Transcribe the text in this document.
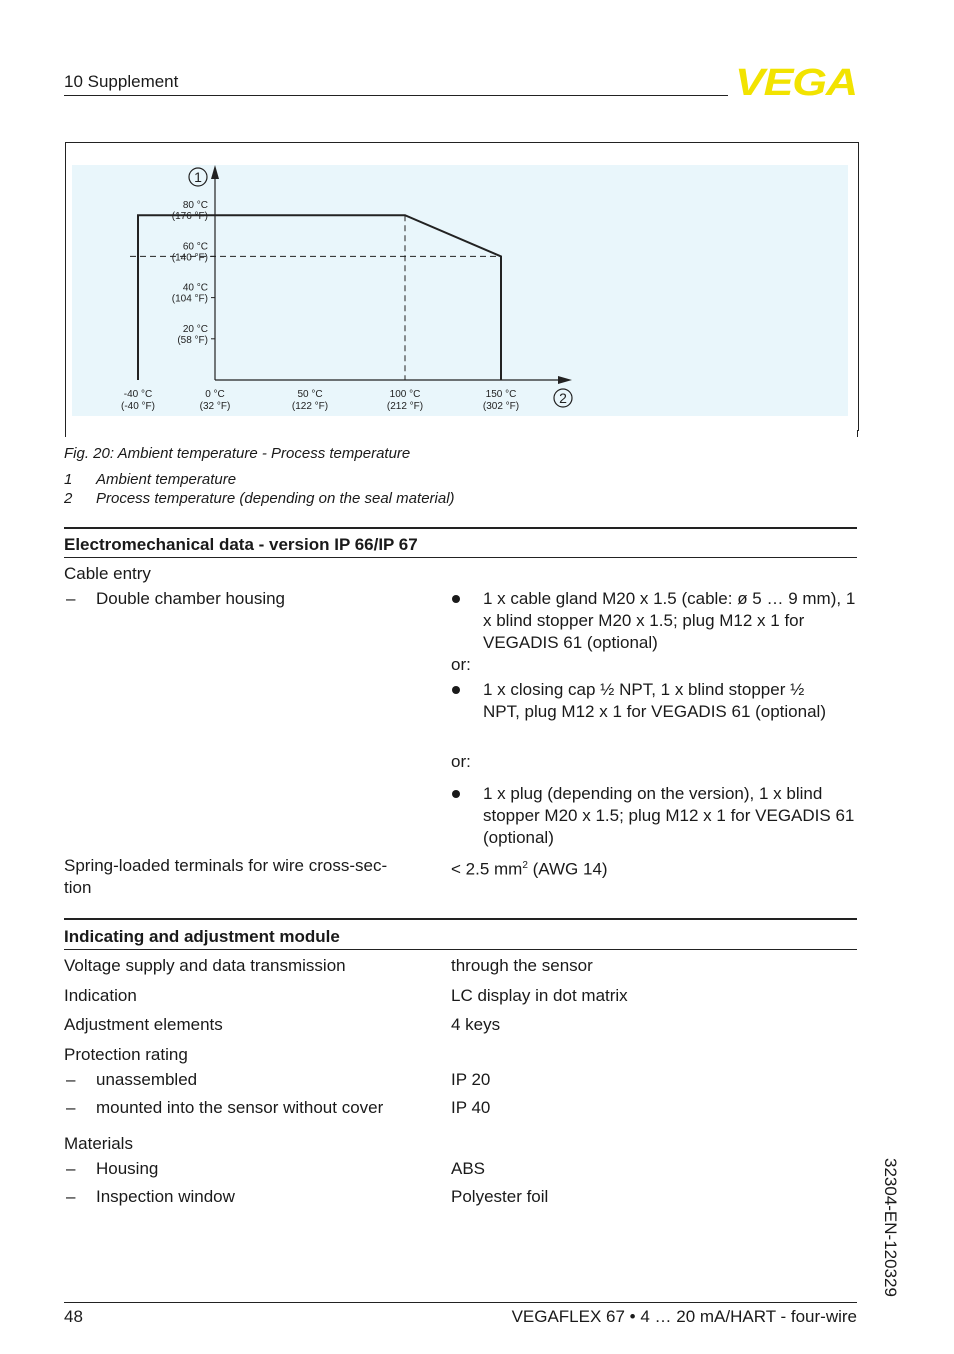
10 Supplement	VEGA
1
2
80 °C
(176 °F)
60 °C
(140 °F)
40 °C
(104 °F)
20 °C
(58 °F)
-40 °C
(-40 °F)
0 °C
(32 °F)
50 °C
(122 °F)
100 °C
(212 °F)
150 °C
(302 °F)
Fig. 20: Ambient temperature - Process temperature
1 Ambient temperature
2 Process temperature (depending on the seal material)
Electromechanical data - version IP 66/IP 67
Cable entry
– Double chamber housing	1 x cable gland M20 x 1.5 (cable: ø 5 … 9 mm), 1 x blind stopper M20 x 1.5; plug M12 x 1 for VEGADIS 61 (optional)
or:
1 x closing cap ½ NPT, 1 x blind stopper ½ NPT, plug M12 x 1 for VEGADIS 61 (optional)
or:
1 x plug (depending on the version), 1 x blind stopper M20 x 1.5; plug M12 x 1 for VEGADIS 61 (optional)
Spring-loaded terminals for wire cross-sec-tion
< 2.5 $mm^2$ (AWG 14)
Indicating and adjustment module
Voltage supply and data transmission	through the sensor
Indication	LC display in dot matrix
Adjustment elements	4 keys
Protection rating
– unassembled	IP 20
– mounted into the sensor without cover	IP 40
Materials
– Housing	ABS
– Inspection window	Polyester foil	32304-EN-120329
48	VEGAFLEX 67 • 4 … 20 mA/HART - four-wire
